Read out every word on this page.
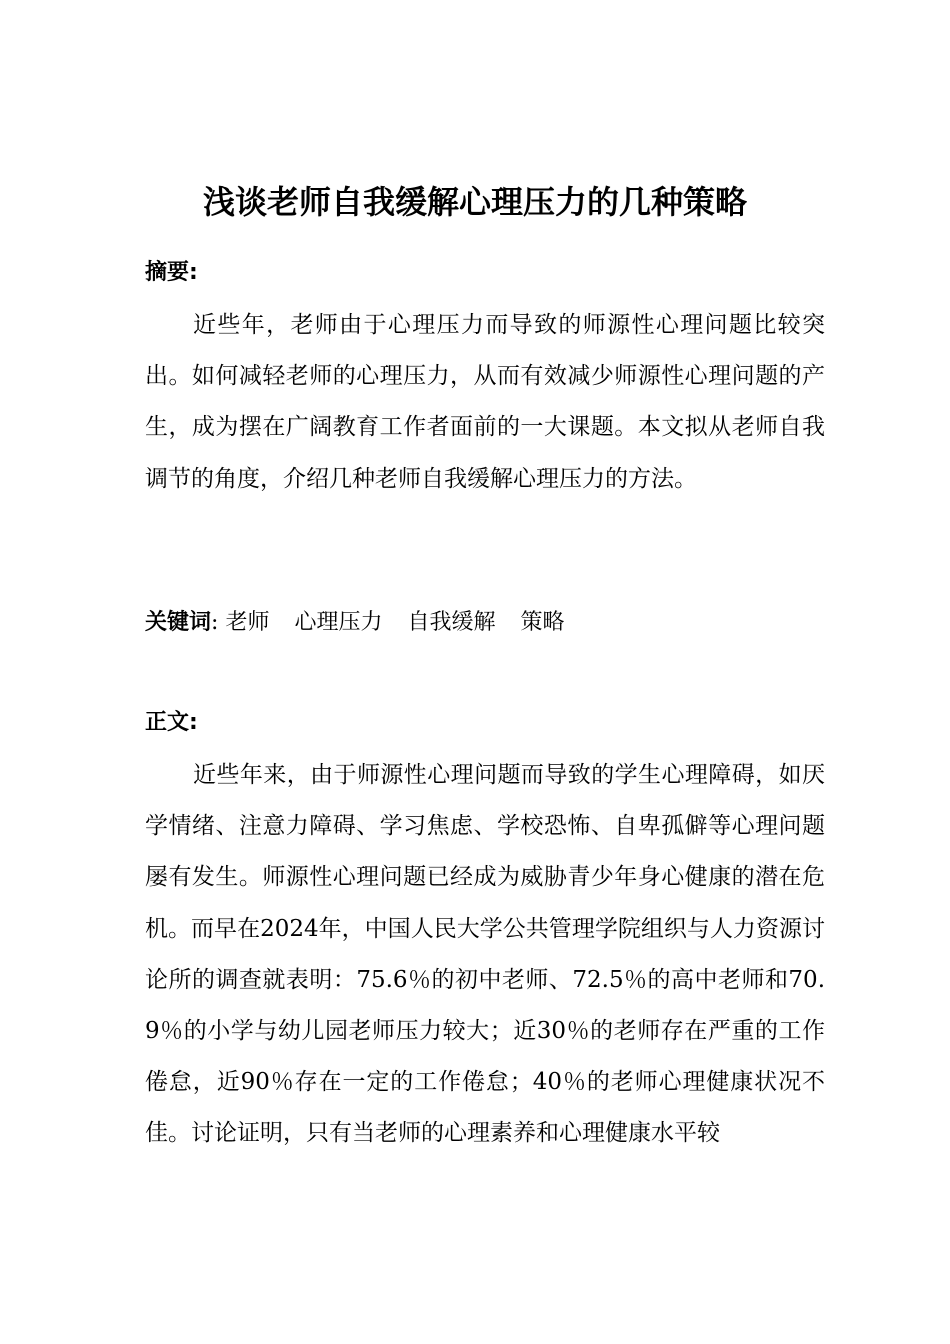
浅谈老师自我缓解心理压力的几种策略
摘要:
近些年，老师由于心理压力而导致的师源性心理问题比较突出。如何减轻老师的心理压力，从而有效减少师源性心理问题的产生，成为摆在广阔教育工作者面前的一大课题。本文拟从老师自我调节的角度，介绍几种老师自我缓解心理压力的方法。
关键词: 老师 心理压力 自我缓解 策略
正文:
近些年来，由于师源性心理问题而导致的学生心理障碍，如厌学情绪、注意力障碍、学习焦虑、学校恐怖、自卑孤僻等心理问题屡有发生。师源性心理问题已经成为威胁青少年身心健康的潜在危机。而早在2024年，中国人民大学公共管理学院组织与人力资源讨论所的调查就表明：75.6％的初中老师、72.5％的高中老师和70.9％的小学与幼儿园老师压力较大；近30％的老师存在严重的工作倦怠，近90％存在一定的工作倦怠；40％的老师心理健康状况不佳。讨论证明，只有当老师的心理素养和心理健康水平较
